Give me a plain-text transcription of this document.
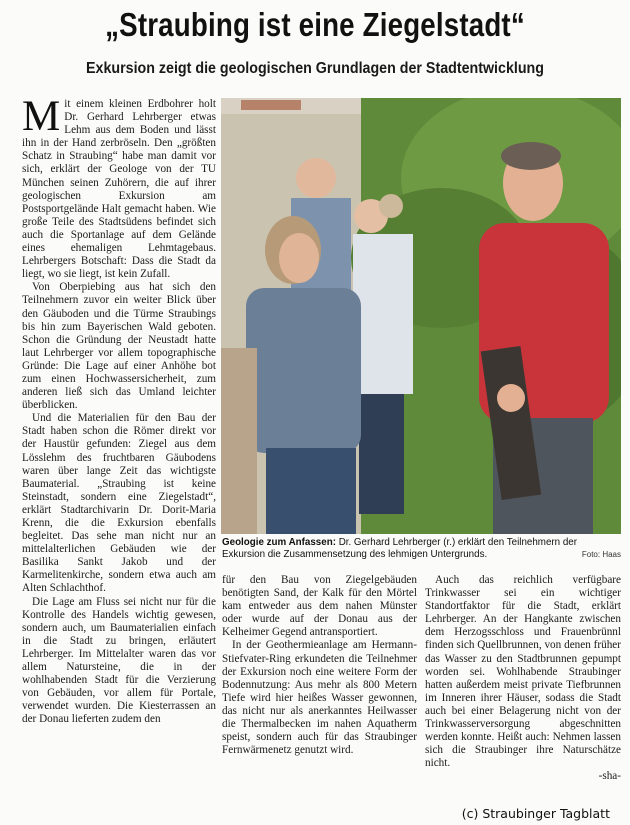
„Straubing ist eine Ziegelstadt“
Exkursion zeigt die geologischen Grundlagen der Stadtentwicklung

Mit einem kleinen Erdbohrer holt Dr. Gerhard Lehrberger etwas Lehm aus dem Boden und lässt ihn in der Hand zerbröseln. Den „größten Schatz in Straubing“ habe man damit vor sich, erklärt der Geologe von der TU München seinen Zuhörern, die auf ihrer geologischen Exkursion am Postsportgelände Halt gemacht haben. Wie große Teile des Stadtsüdens befindet sich auch die Sportanlage auf dem Gelände eines ehemaligen Lehmtagebaus. Lehrbergers Botschaft: Dass die Stadt da liegt, wo sie liegt, ist kein Zufall.

Von Oberpiebing aus hat sich den Teilnehmern zuvor ein weiter Blick über den Gäuboden und die Türme Straubings bis hin zum Bayerischen Wald geboten. Schon die Gründung der Neustadt hatte laut Lehrberger vor allem topographische Gründe: Die Lage auf einer Anhöhe bot zum einen Hochwassersicherheit, zum anderen ließ sich das Umland leichter überblicken.

Und die Materialien für den Bau der Stadt haben schon die Römer direkt vor der Haustür gefunden: Ziegel aus dem Lösslehm des fruchtbaren Gäubodens waren über lange Zeit das wichtigste Baumaterial. „Straubing ist keine Steinstadt, sondern eine Ziegelstadt“, erklärt Stadtarchivarin Dr. Dorit-Maria Krenn, die die Exkursion ebenfalls begleitet. Das sehe man nicht nur an mittelalterlichen Gebäuden wie der Basilika Sankt Jakob und der Karmelitenkirche, sondern etwa auch am Alten Schlachthof.

Die Lage am Fluss sei nicht nur für die Kontrolle des Handels wichtig gewesen, sondern auch, um Baumaterialien einfach in die Stadt zu bringen, erläutert Lehrberger. Im Mittelalter waren das vor allem Natursteine, die in der wohlhabenden Stadt für die Verzierung von Gebäuden, vor allem für Portale, verwendet wurden. Die Kiesterrassen an der Donau lieferten zudem den

Geologie zum Anfassen: Dr. Gerhard Lehrberger (r.) erklärt den Teilnehmern der Exkursion die Zusammensetzung des lehmigen Untergrunds.	Foto: Haas

für den Bau von Ziegelgebäuden benötigten Sand, der Kalk für den Mörtel kam entweder aus dem nahen Münster oder wurde auf der Donau aus der Kelheimer Gegend antransportiert.

In der Geothermieanlage am Hermann-Stiefvater-Ring erkundeten die Teilnehmer der Exkursion noch eine weitere Form der Bodennutzung: Aus mehr als 800 Metern Tiefe wird hier heißes Wasser gewonnen, das nicht nur als anerkanntes Heilwasser die Thermalbecken im nahen Aquatherm speist, sondern auch für das Straubinger Fernwärmenetz genutzt wird.

Auch das reichlich verfügbare Trinkwasser sei ein wichtiger Standortfaktor für die Stadt, erklärt Lehrberger. An der Hangkante zwischen dem Herzogsschloss und Frauenbrünnl finden sich Quellbrunnen, von denen früher das Wasser zu den Stadtbrunnen gepumpt worden sei. Wohlhabende Straubinger hatten außerdem meist private Tiefbrunnen im Inneren ihrer Häuser, sodass die Stadt auch bei einer Belagerung nicht von der Trinkwasserversorgung abgeschnitten werden konnte. Heißt auch: Nehmen lassen sich die Straubinger ihre Naturschätze nicht.

-sha-

(c) Straubinger Tagblatt
